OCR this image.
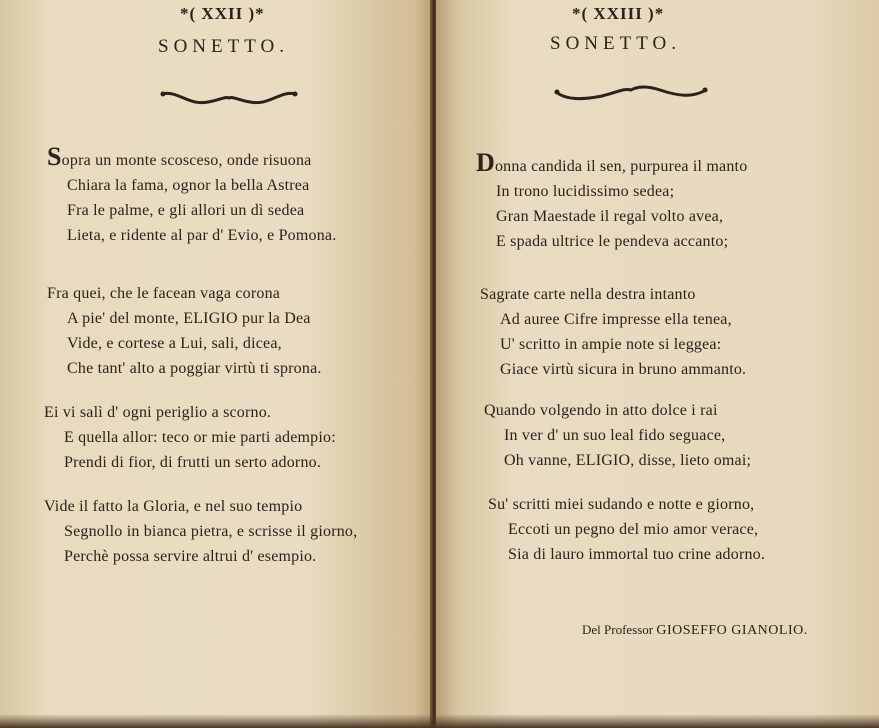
*( XXII )*
SONETTO.
Sopra un monte scosceso, onde risuona
Chiara la fama, ognor la bella Astrea
Fra le palme, e gli allori un dì sedea
Lieta, e ridente al par d' Evio, e Pomona.
Fra quei, che le facean vaga corona
A pie' del monte, ELIGIO pur la Dea
Vide, e cortese a Lui, sali, dicea,
Che tant' alto a poggiar virtù ti sprona.
Ei vi salì d' ogni periglio a scorno.
E quella allor: teco or mie parti adempio:
Prendi di fior, di frutti un serto adorno.
Vide il fatto la Gloria, e nel suo tempio
Segnollo in bianca pietra, e scrisse il giorno,
Perchè possa servire altrui d' esempio.
*( XXIII )*
SONETTO.
Donna candida il sen, purpurea il manto
In trono lucidissimo sedea;
Gran Maestade il regal volto avea,
E spada ultrice le pendeva accanto;
Sagrate carte nella destra intanto
Ad auree Cifre impresse ella tenea,
U' scritto in ampie note si leggea:
Giace virtù sicura in bruno ammanto.
Quando volgendo in atto dolce i rai
In ver d' un suo leal fido seguace,
Oh vanne, ELIGIO, disse, lieto omai;
Su' scritti miei sudando e notte e giorno,
Eccoti un pegno del mio amor verace,
Sia di lauro immortal tuo crine adorno.
Del Professor GIOSEFFO GIANOLIO.
